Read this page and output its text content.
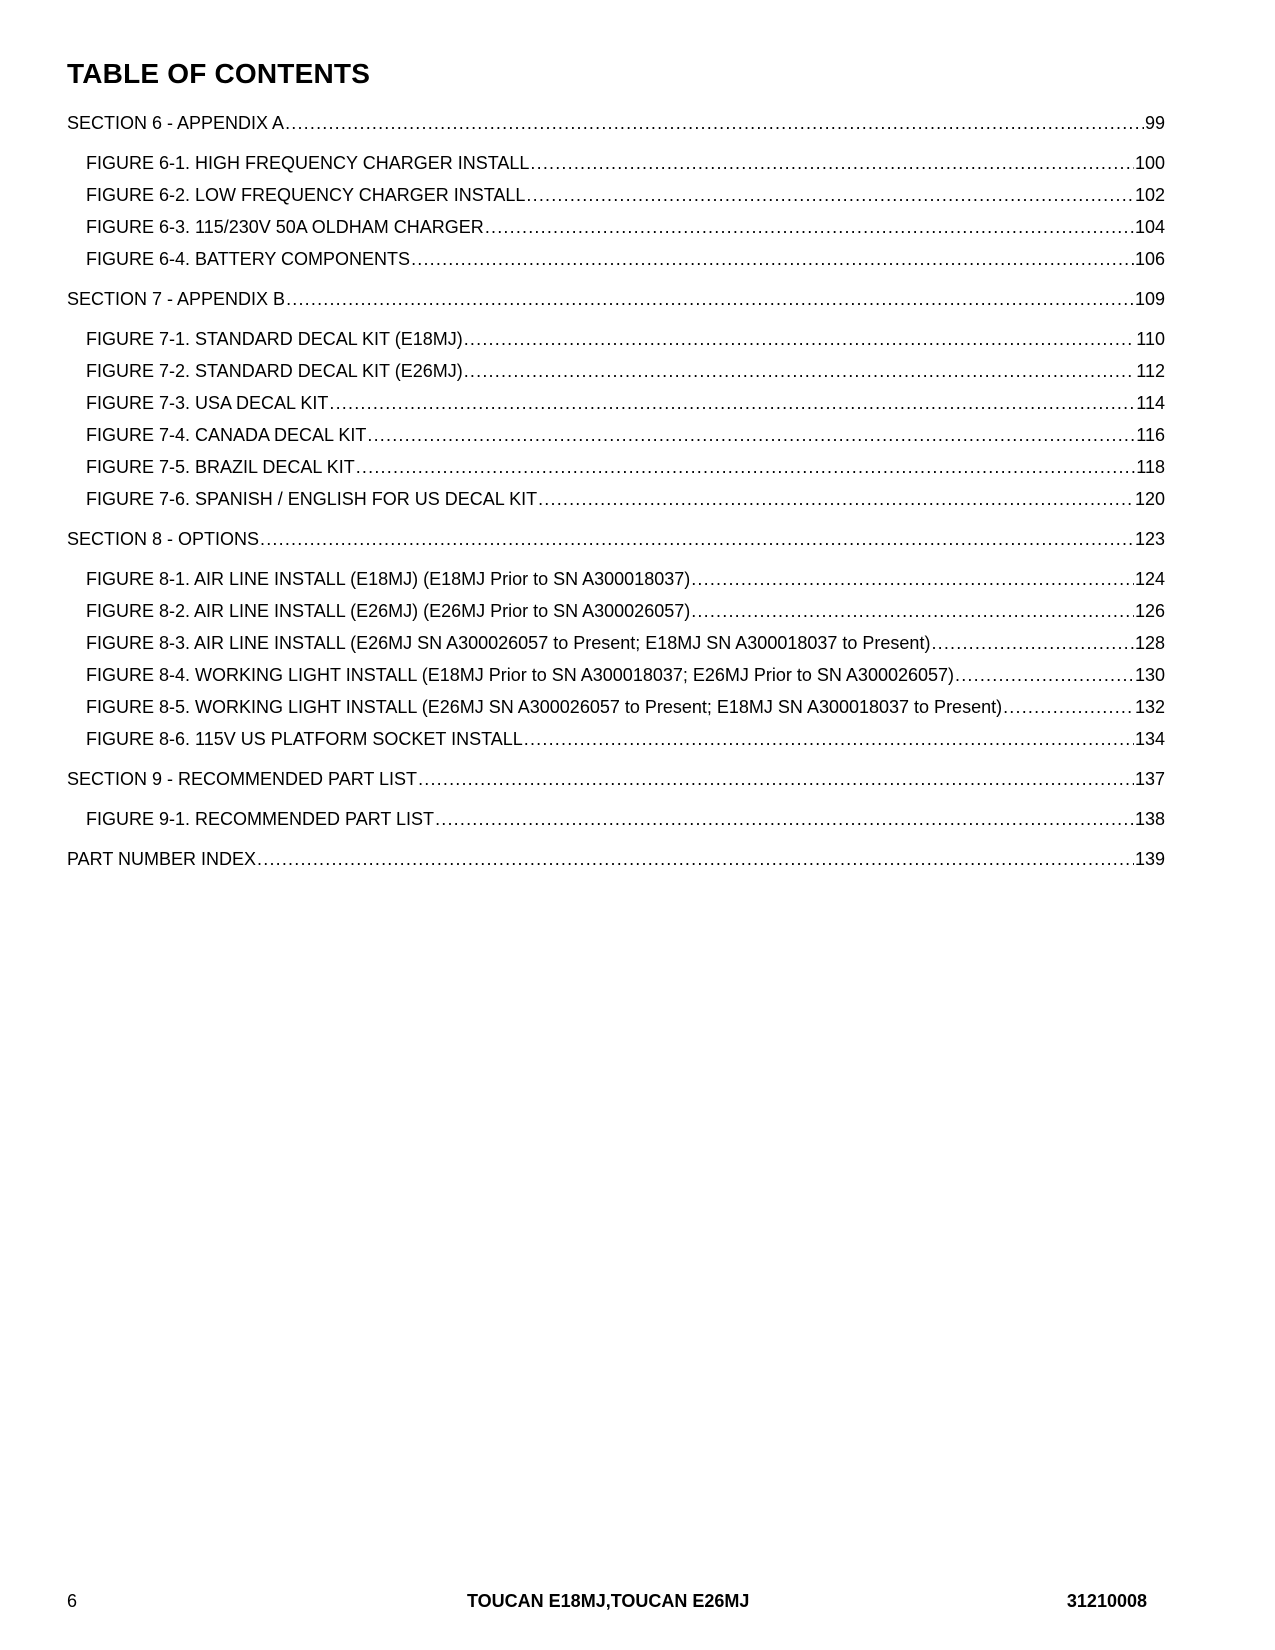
TABLE OF CONTENTS
SECTION 6 - APPENDIX A .....	99
FIGURE 6-1. HIGH FREQUENCY CHARGER INSTALL .....	100
FIGURE 6-2. LOW FREQUENCY CHARGER INSTALL .....	102
FIGURE 6-3. 115/230V 50A OLDHAM CHARGER .....	104
FIGURE 6-4. BATTERY COMPONENTS .....	106
SECTION 7 - APPENDIX B .....	109
FIGURE 7-1. STANDARD DECAL KIT (E18MJ) .....	110
FIGURE 7-2. STANDARD DECAL KIT (E26MJ) .....	112
FIGURE 7-3. USA DECAL KIT .....	114
FIGURE 7-4. CANADA DECAL KIT .....	116
FIGURE 7-5. BRAZIL DECAL KIT .....	118
FIGURE 7-6. SPANISH / ENGLISH FOR US DECAL KIT .....	120
SECTION 8 - OPTIONS .....	123
FIGURE 8-1. AIR LINE INSTALL (E18MJ) (E18MJ Prior to SN A300018037) .....	124
FIGURE 8-2. AIR LINE INSTALL (E26MJ) (E26MJ Prior to SN A300026057) .....	126
FIGURE 8-3. AIR LINE INSTALL (E26MJ SN A300026057 to Present; E18MJ SN A300018037 to Present) .....	128
FIGURE 8-4. WORKING LIGHT INSTALL (E18MJ Prior to SN A300018037; E26MJ Prior to SN A300026057) .....	130
FIGURE 8-5. WORKING LIGHT INSTALL (E26MJ SN A300026057 to Present; E18MJ SN A300018037 to Present) .....	132
FIGURE 8-6. 115V US PLATFORM SOCKET INSTALL .....	134
SECTION 9 - RECOMMENDED PART LIST .....	137
FIGURE 9-1. RECOMMENDED PART LIST .....	138
PART NUMBER INDEX .....	139
6	TOUCAN E18MJ,TOUCAN E26MJ	31210008
